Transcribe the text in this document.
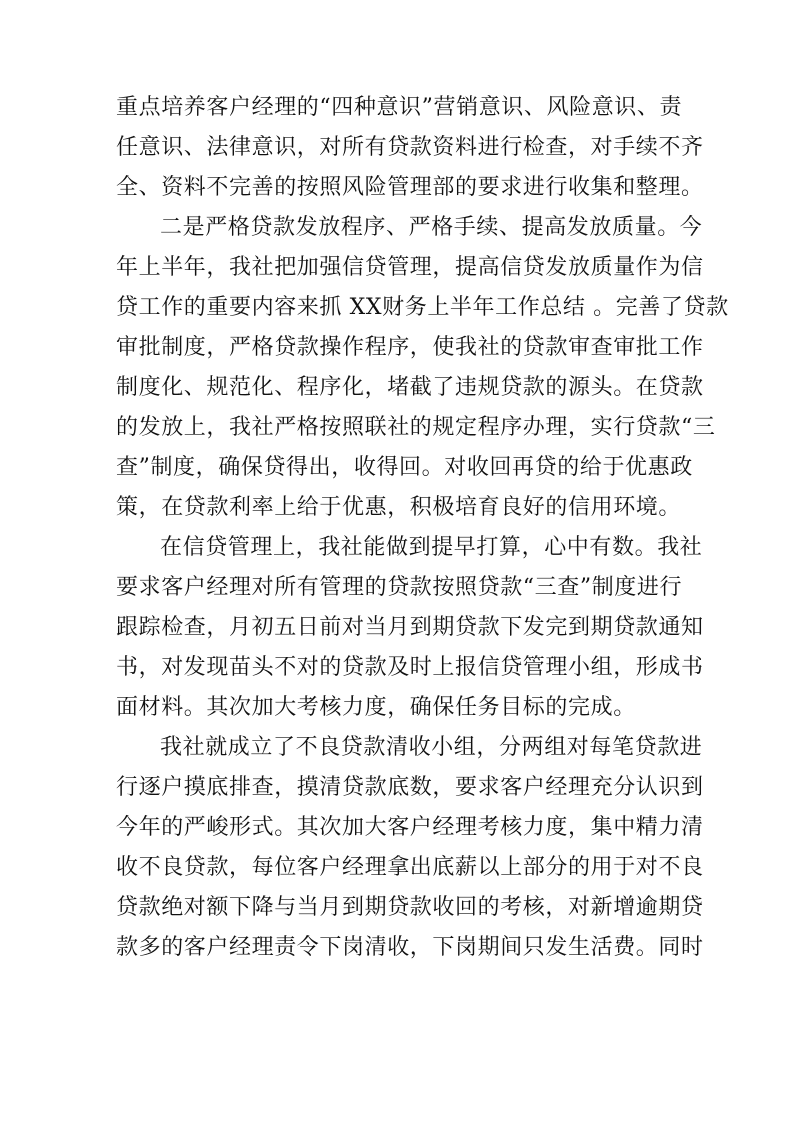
重点培养客户经理的“四种意识”营销意识、风险意识、责
任意识、法律意识，对所有贷款资料进行检查，对手续不齐
全、资料不完善的按照风险管理部的要求进行收集和整理。

二是严格贷款发放程序、严格手续、提高发放质量。今
年上半年，我社把加强信贷管理，提高信贷发放质量作为信
贷工作的重要内容来抓 XX财务上半年工作总结 。完善了贷款
审批制度，严格贷款操作程序，使我社的贷款审查审批工作
制度化、规范化、程序化，堵截了违规贷款的源头。在贷款
的发放上，我社严格按照联社的规定程序办理，实行贷款“三
查”制度，确保贷得出，收得回。对收回再贷的给于优惠政
策，在贷款利率上给于优惠，积极培育良好的信用环境。

在信贷管理上，我社能做到提早打算，心中有数。我社
要求客户经理对所有管理的贷款按照贷款“三查”制度进行
跟踪检查，月初五日前对当月到期贷款下发完到期贷款通知
书，对发现苗头不对的贷款及时上报信贷管理小组，形成书
面材料。其次加大考核力度，确保任务目标的完成。

我社就成立了不良贷款清收小组，分两组对每笔贷款进
行逐户摸底排查，摸清贷款底数，要求客户经理充分认识到
今年的严峻形式。其次加大客户经理考核力度，集中精力清
收不良贷款，每位客户经理拿出底薪以上部分的用于对不良
贷款绝对额下降与当月到期贷款收回的考核，对新增逾期贷
款多的客户经理责令下岗清收，下岗期间只发生活费。同时
